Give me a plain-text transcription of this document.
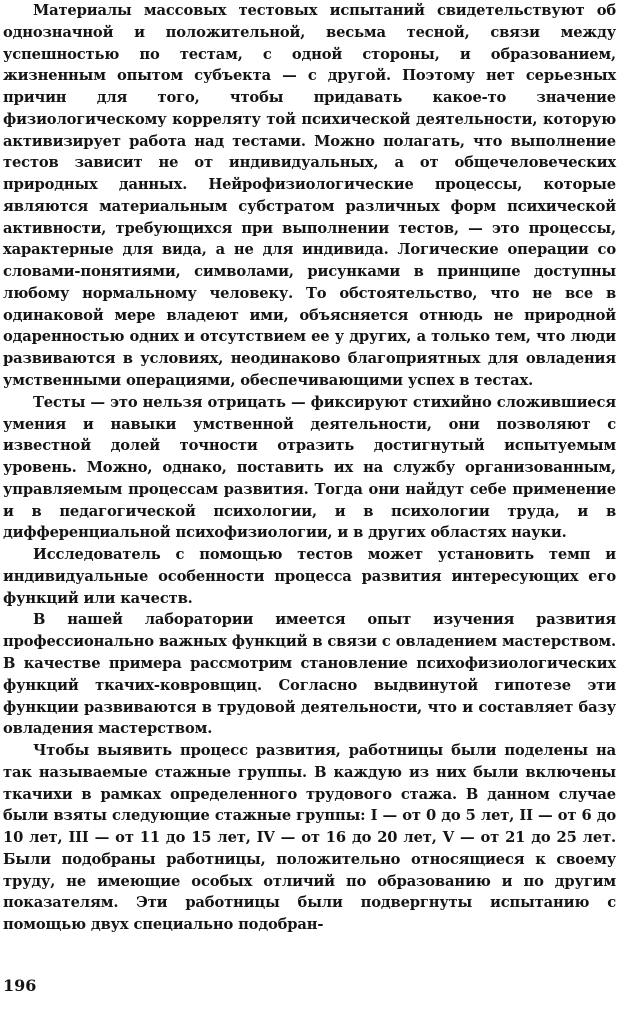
Материалы массовых тестовых испытаний свидетельствуют об однозначной и положительной, весьма тесной, связи между успешностью по тестам, с одной стороны, и образованием, жизненным опытом субъекта — с другой. Поэтому нет серьезных причин для того, чтобы придавать какое-то значение физиологическому корреляту той психической деятельности, которую активизирует работа над тестами. Можно полагать, что выполнение тестов зависит не от индивидуальных, а от общечеловеческих природных данных. Нейрофизиологические процессы, которые являются материальным субстратом различных форм психической активности, требующихся при выполнении тестов, — это процессы, характерные для вида, а не для индивида. Логические операции со словами-понятиями, символами, рисунками в принципе доступны любому нормальному человеку. То обстоятельство, что не все в одинаковой мере владеют ими, объясняется отнюдь не природной одаренностью одних и отсутствием ее у других, а только тем, что люди развиваются в условиях, неодинаково благоприятных для овладения умственными операциями, обеспечивающими успех в тестах.

Тесты — это нельзя отрицать — фиксируют стихийно сложившиеся умения и навыки умственной деятельности, они позволяют с известной долей точности отразить достигнутый испытуемым уровень. Можно, однако, поставить их на службу организованным, управляемым процессам развития. Тогда они найдут себе применение и в педагогической психологии, и в психологии труда, и в дифференциальной психофизиологии, и в других областях науки.

Исследователь с помощью тестов может установить темп и индивидуальные особенности процесса развития интересующих его функций или качеств.

В нашей лаборатории имеется опыт изучения развития профессионально важных функций в связи с овладением мастерством. В качестве примера рассмотрим становление психофизиологических функций ткачих-ковровщиц. Согласно выдвинутой гипотезе эти функции развиваются в трудовой деятельности, что и составляет базу овладения мастерством.

Чтобы выявить процесс развития, работницы были поделены на так называемые стажные группы. В каждую из них были включены ткачихи в рамках определенного трудового стажа. В данном случае были взяты следующие стажные группы: I — от 0 до 5 лет, II — от 6 до 10 лет, III — от 11 до 15 лет, IV — от 16 до 20 лет, V — от 21 до 25 лет. Были подобраны работницы, положительно относящиеся к своему труду, не имеющие особых отличий по образованию и по другим показателям. Эти работницы были подвергнуты испытанию с помощью двух специально подобран-

196
